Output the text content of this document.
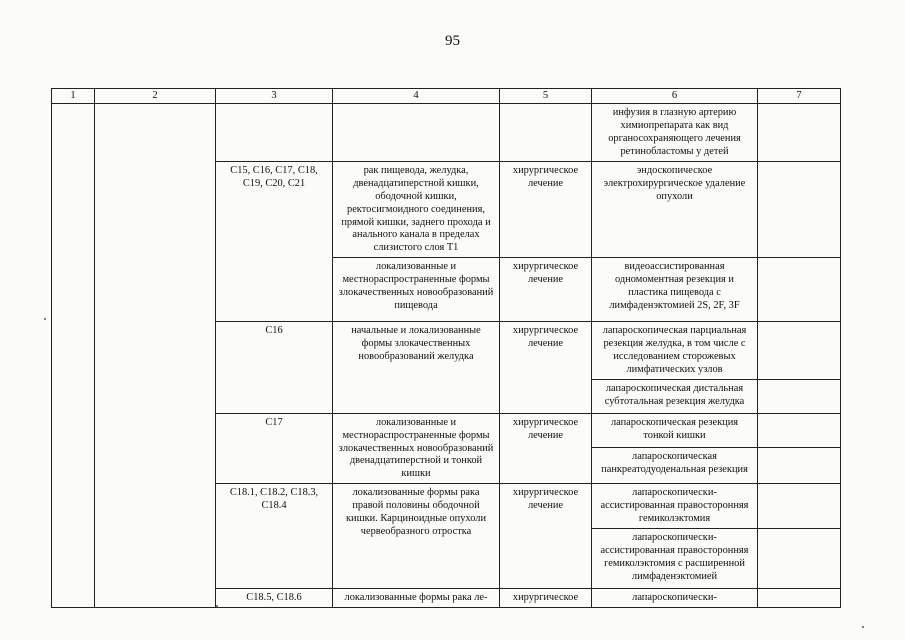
95
1	2	3	4	5	6	7
					инфузия в глазную артерию химиопрепарата как вид органосохраняющего лечения ретинобластомы у детей	
		C15, C16, C17, C18, C19, C20, C21	рак пищевода, желудка, двенадцатиперстной кишки, ободочной кишки, ректосигмоидного соединения, прямой кишки, заднего прохода и анального канала в пределах слизистого слоя T1	хирургическое лечение	эндоскопическое электрохирургическое удаление опухоли	
			локализованные и местнораспространенные формы злокачественных новообразований пищевода	хирургическое лечение	видеоассистированная одномоментная резекция и пластика пищевода с лимфаденэктомией 2S, 2F, 3F	
		C16	начальные и локализованные формы злокачественных новообразований желудка	хирургическое лечение	лапароскопическая парциальная резекция желудка, в том числе с исследованием сторожевых лимфатических узлов	
					лапароскопическая дистальная субтотальная резекция желудка	
		C17	локализованные и местнораспространенные формы злокачественных новообразований двенадцатиперстной и тонкой кишки	хирургическое лечение	лапароскопическая резекция тонкой кишки	
					лапароскопическая панкреатодуоденальная резекция	
		C18.1, C18.2, C18.3, C18.4	локализованные формы рака правой половины ободочной кишки. Карциноидные опухоли червеобразного отростка	хирургическое лечение	лапароскопически-ассистированная правосторонняя гемиколэктомия	
					лапароскопически-ассистированная правосторонняя гемиколэктомия с расширенной лимфаденэктомией	
		C18.5, C18.6	локализованные формы рака ле-	хирургическое	лапароскопически-	
